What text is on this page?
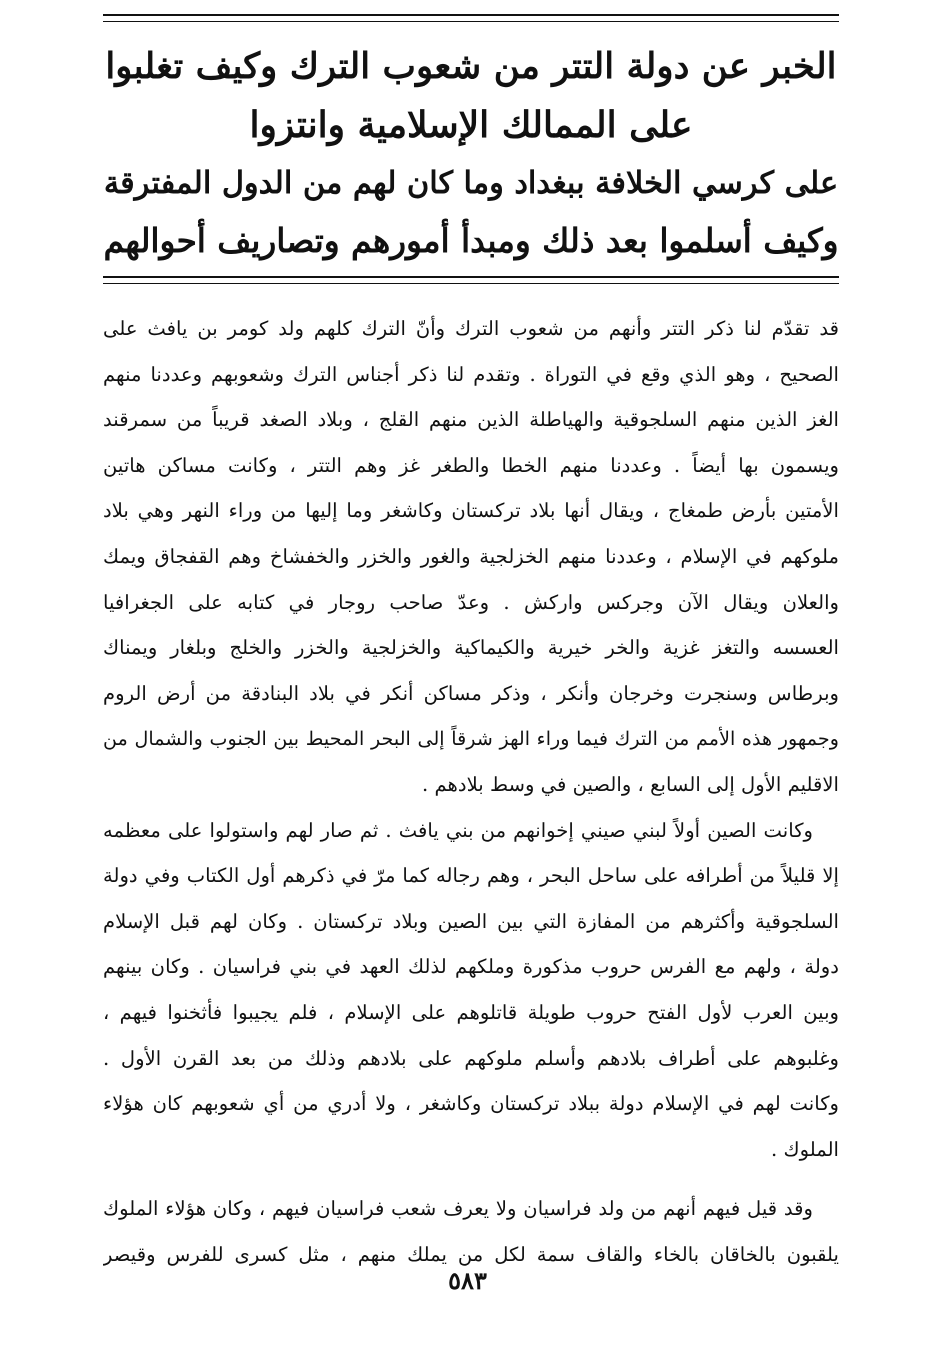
الخبر عن دولة التتر من شعوب الترك وكيف تغلبوا
على الممالك الإسلامية وانتزوا
على كرسي الخلافة ببغداد وما كان لهم من الدول المفترقة
وكيف أسلموا بعد ذلك ومبدأ أمورهم وتصاريف أحوالهم
قد تقدّم لنا ذكر التتر وأنهم من شعوب الترك وأنّ الترك كلهم ولد كومر بن يافث على
الصحيح ، وهو الذي وقع في التوراة . وتقدم لنا ذكر أجناس الترك وشعوبهم وعددنا منهم
الغز الذين منهم السلجوقية والهياطلة الذين منهم القلج ، وبلاد الصغد قريباً من سمرقند
ويسمون بها أيضاً . وعددنا منهم الخطا والطغر غز وهم التتر ، وكانت مساكن هاتين
الأمتين بأرض طمغاج ، ويقال أنها بلاد تركستان وكاشغر وما إليها من وراء النهر وهي بلاد
ملوكهم في الإسلام ، وعددنا منهم الخزلجية والغور والخزر والخفشاخ وهم القفجاق ويمك
والعلان ويقال الآن وجركس واركش . وعدّ صاحب روجار في كتابه على الجغرافيا
العسسه والتغز غزية والخر خيرية والكيماكية والخزلجية والخزر والخلج وبلغار ويمناك
وبرطاس وسنجرت وخرجان وأنكر ، وذكر مساكن أنكر في بلاد البنادقة من أرض الروم
وجمهور هذه الأمم من الترك فيما وراء الهز شرقاً إلى البحر المحيط بين الجنوب والشمال من
الاقليم الأول إلى السابع ، والصين في وسط بلادهم .
وكانت الصين أولاً لبني صيني إخوانهم من بني يافث . ثم صار لهم واستولوا على معظمه
إلا قليلاً من أطرافه على ساحل البحر ، وهم رجاله كما مرّ في ذكرهم أول الكتاب وفي دولة
السلجوقية وأكثرهم من المفازة التي بين الصين وبلاد تركستان . وكان لهم قبل الإسلام
دولة ، ولهم مع الفرس حروب مذكورة وملكهم لذلك العهد في بني فراسيان . وكان بينهم
وبين العرب لأول الفتح حروب طويلة قاتلوهم على الإسلام ، فلم يجيبوا فأثخنوا فيهم ،
وغلبوهم على أطراف بلادهم وأسلم ملوكهم على بلادهم وذلك من بعد القرن الأول .
وكانت لهم في الإسلام دولة ببلاد تركستان وكاشغر ، ولا أدري من أي شعوبهم كان هؤلاء
الملوك .
وقد قيل فيهم أنهم من ولد فراسيان ولا يعرف شعب فراسيان فيهم ، وكان هؤلاء الملوك
يلقبون بالخاقان بالخاء والقاف سمة لكل من يملك منهم ، مثل كسرى للفرس وقيصر
٥٨٣
